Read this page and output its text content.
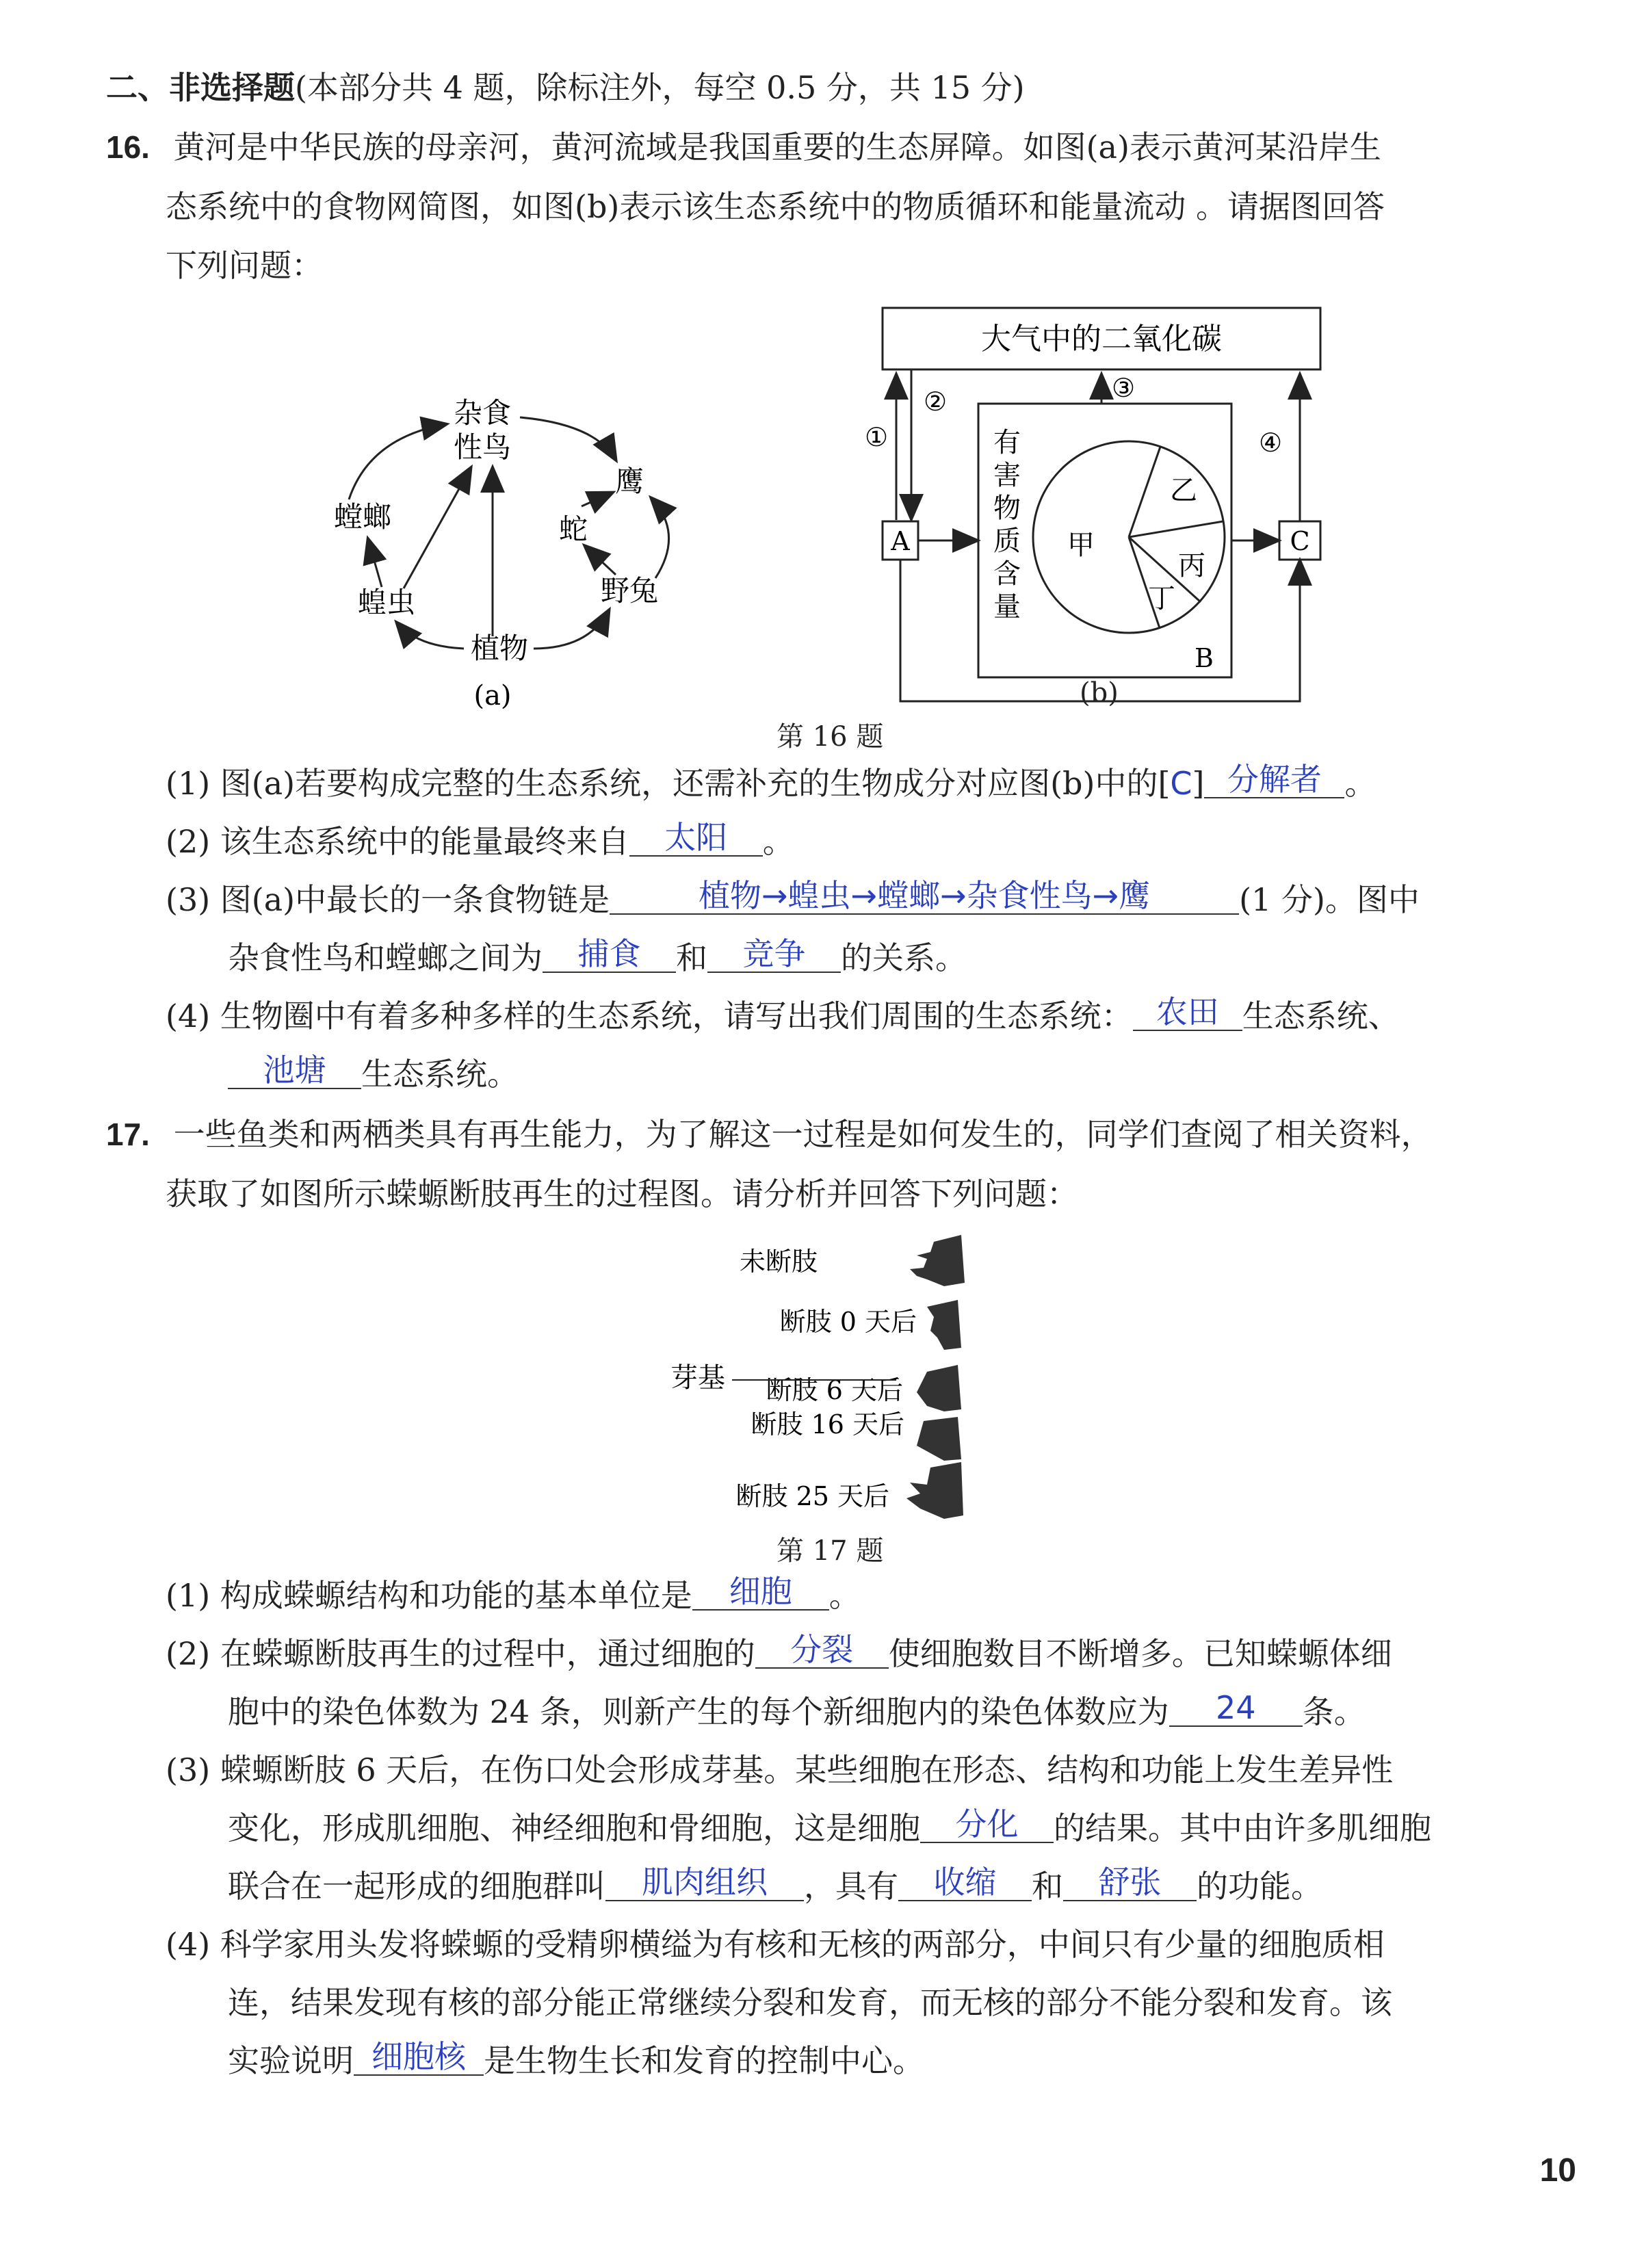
二、非选择题(本部分共 4 题，除标注外，每空 0.5 分，共 15 分)
16. 黄河是中华民族的母亲河，黄河流域是我国重要的生态屏障。如图(a)表示黄河某沿岸生
态系统中的食物网简图，如图(b)表示该生态系统中的物质循环和能量流动 。请据图回答
下列问题：
杂食
性鸟
螳螂
鹰
蛇
蝗虫	野兔
植物
(a)
大气中的二氧化碳
①
②	③
④
A	C
有
害
物
质
含
量
甲
乙
丙
丁
B
(b)
第 16 题
(1) 图(a)若要构成完整的生态系统，还需补充的生物成分对应图(b)中的[C] 分解者 。
(2) 该生态系统中的能量最终来自 太阳 。
(3) 图(a)中最长的一条食物链是	植物→蝗虫→螳螂→杂食性鸟→鹰	(1 分)。图中
杂食性鸟和螳螂之间为 捕食 和 竞争 的关系。
(4) 生物圈中有着多种多样的生态系统，请写出我们周围的生态系统： 农田 生态系统、
池塘 生态系统。
17. 一些鱼类和两栖类具有再生能力，为了解这一过程是如何发生的，同学们查阅了相关资料，
获取了如图所示蝾螈断肢再生的过程图。请分析并回答下列问题：
未断肢
断肢 0 天后
断肢 6 天后
断肢 16 天后
断肢 25 天后
芽基
第 17 题
(1) 构成蝾螈结构和功能的基本单位是 细胞 。
(2) 在蝾螈断肢再生的过程中，通过细胞的 分裂 使细胞数目不断增多。已知蝾螈体细
胞中的染色体数为 24 条，则新产生的每个新细胞内的染色体数应为 24 条。
(3) 蝾螈断肢 6 天后，在伤口处会形成芽基。某些细胞在形态、结构和功能上发生差异性
变化，形成肌细胞、神经细胞和骨细胞，这是细胞 分化 的结果。其中由许多肌细胞
联合在一起形成的细胞群叫 肌肉组织 ，具有 收缩 和 舒张 的功能。
(4) 科学家用头发将蝾螈的受精卵横缢为有核和无核的两部分，中间只有少量的细胞质相
连，结果发现有核的部分能正常继续分裂和发育，而无核的部分不能分裂和发育。该
实验说明 细胞核 是生物生长和发育的控制中心。
10
